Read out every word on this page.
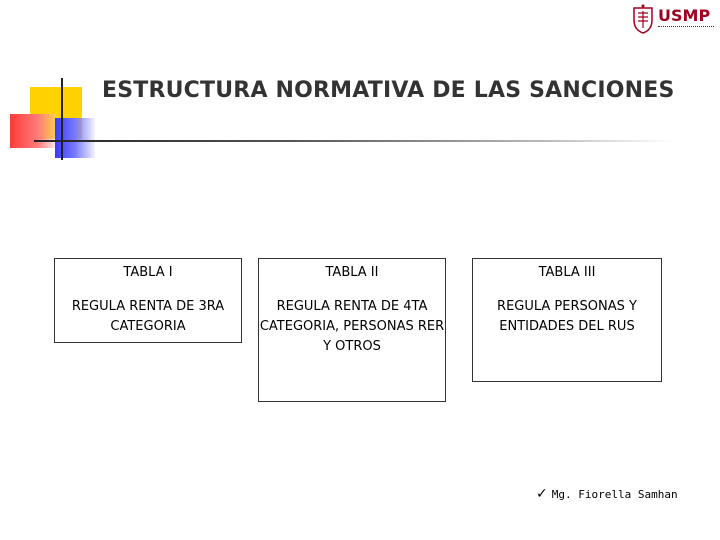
ESTRUCTURA NORMATIVA DE LAS SANCIONES
USMP
TABLA I
REGULA RENTA DE 3RA CATEGORIA
TABLA II
REGULA RENTA DE 4TA CATEGORIA, PERSONAS RER Y OTROS
TABLA III
REGULA PERSONAS Y ENTIDADES DEL RUS
✓ Mg. Fiorella Samhan
